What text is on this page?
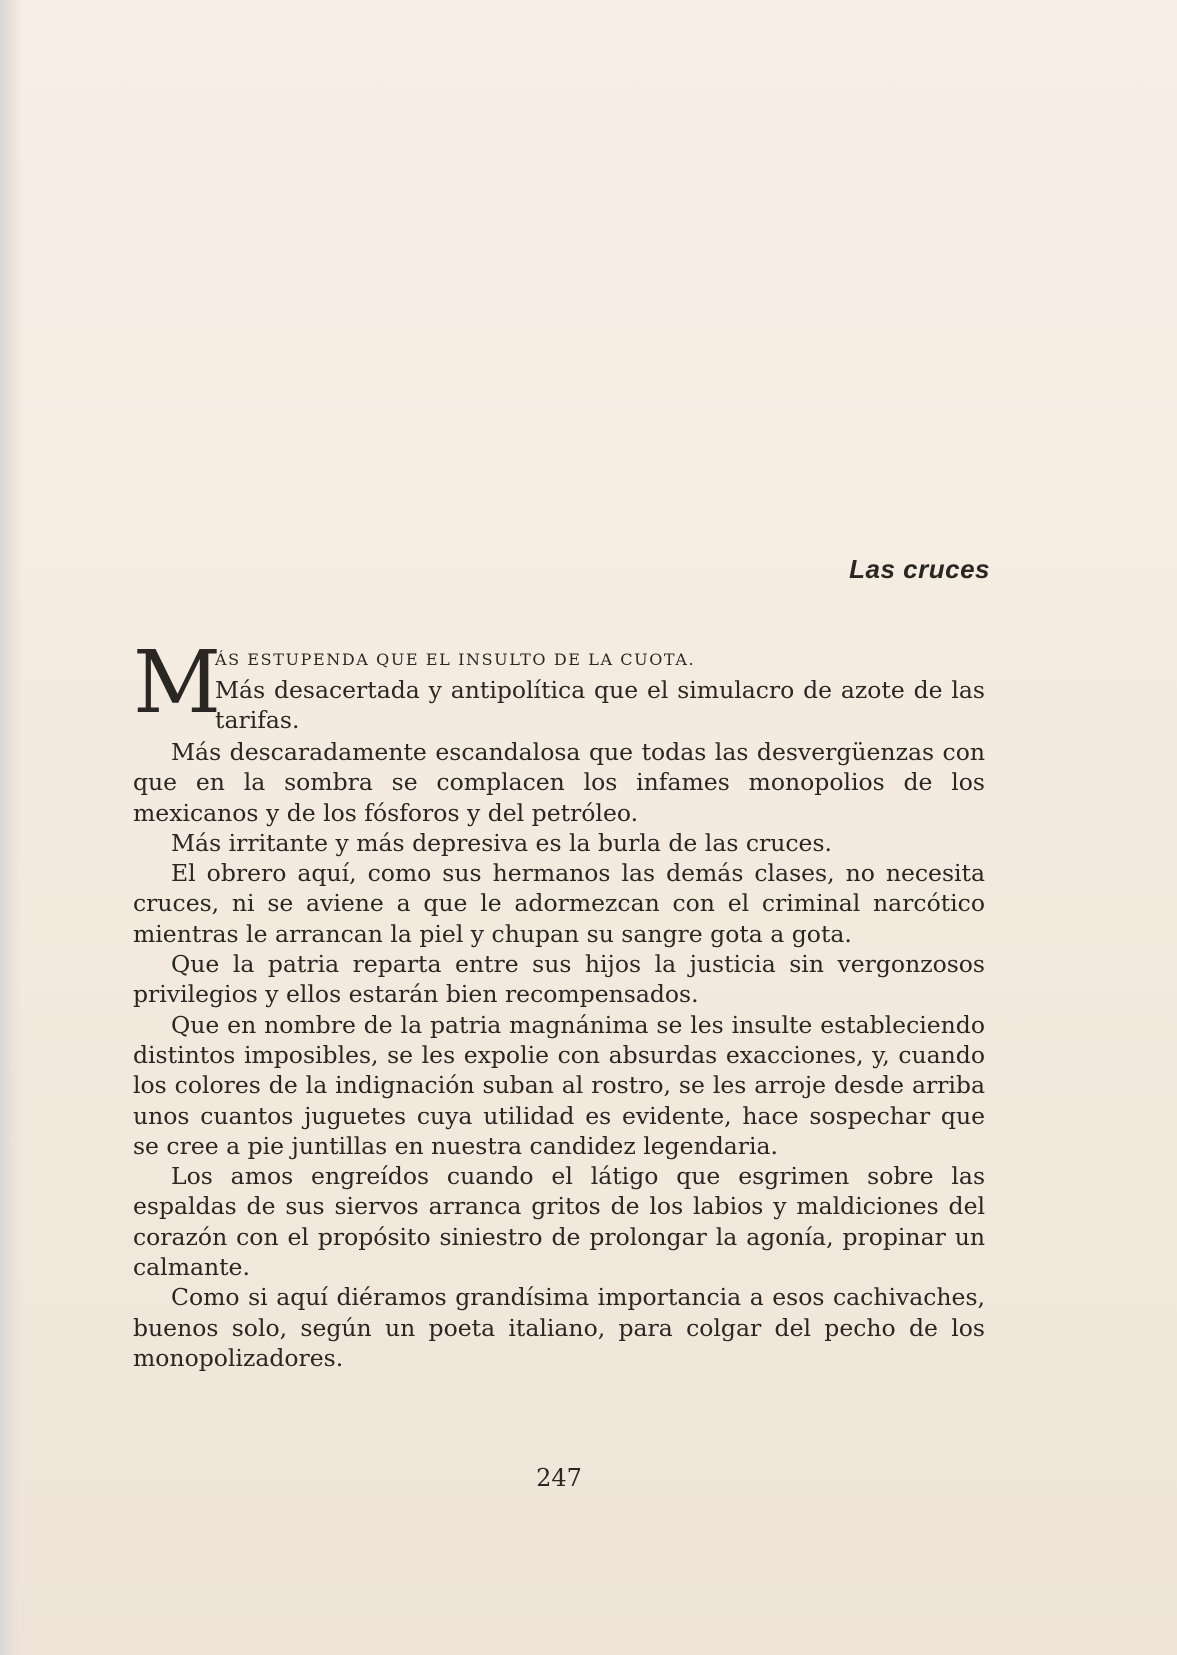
Las cruces
M
ÁS ESTUPENDA QUE EL INSULTO DE LA CUOTA.
Más desacertada y antipolítica que el simulacro de azote de las tarifas.

Más descaradamente escandalosa que todas las desvergüenzas con que en la sombra se complacen los infames monopolios de los mexicanos y de los fósforos y del petróleo.

Más irritante y más depresiva es la burla de las cruces.

El obrero aquí, como sus hermanos las demás clases, no necesita cruces, ni se aviene a que le adormezcan con el criminal narcótico mientras le arrancan la piel y chupan su sangre gota a gota.

Que la patria reparta entre sus hijos la justicia sin vergonzosos privilegios y ellos estarán bien recompensados.

Que en nombre de la patria magnánima se les insulte estableciendo distintos imposibles, se les expolie con absurdas exacciones, y, cuando los colores de la indignación suban al rostro, se les arroje desde arriba unos cuantos juguetes cuya utilidad es evidente, hace sospechar que se cree a pie juntillas en nuestra candidez legendaria.

Los amos engreídos cuando el látigo que esgrimen sobre las espaldas de sus siervos arranca gritos de los labios y maldiciones del corazón con el propósito siniestro de prolongar la agonía, propinar un calmante.

Como si aquí diéramos grandísima importancia a esos cachivaches, buenos solo, según un poeta italiano, para colgar del pecho de los monopolizadores.

247
